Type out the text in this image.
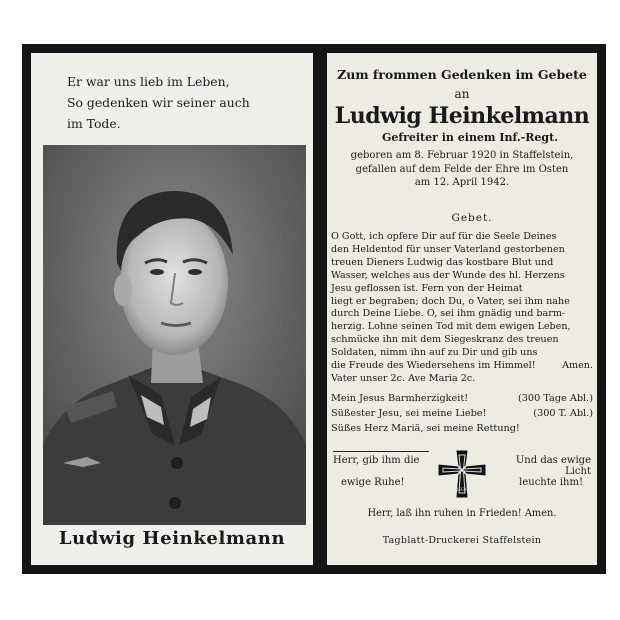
Er war uns lieb im Leben,
So gedenken wir seiner auch
im Tode.
Ludwig Heinkelmann
Zum frommen Gedenken im Gebete
an
Ludwig Heinkelmann
Gefreiter in einem Inf.-Regt.
geboren am 8. Februar 1920 in Staffelstein,
gefallen auf dem Felde der Ehre im Osten
am 12. April 1942.
Gebet.
O Gott, ich opfere Dir auf für die Seele Deines
den Heldentod für unser Vaterland gestorbenen
treuen Dieners Ludwig das kostbare Blut und
Wasser, welches aus der Wunde des hl. Herzens
Jesu geflossen ist. Fern von der Heimat
liegt er begraben; doch Du, o Vater, sei ihm nahe
durch Deine Liebe. O, sei ihm gnädig und barm-
herzig. Lohne seinen Tod mit dem ewigen Leben,
schmücke ihn mit dem Siegeskranz des treuen
Soldaten, nimm ihn auf zu Dir und gib uns
die Freude des Wiedersehens im Himmel!	Amen.
Vater unser 2c. Ave Maria 2c.
Mein Jesus Barmherzigkeit!	(300 Tage Abl.)
Süßester Jesu, sei meine Liebe!	(300 T. Abl.)
Süßes Herz Mariä, sei meine Rettung!
Herr, gib ihm die
ewige Ruhe!
Und das ewige Licht
leuchte ihm!
1939
Herr, laß ihn ruhen in Frieden! Amen.
Tagblatt-Druckerei Staffelstein
